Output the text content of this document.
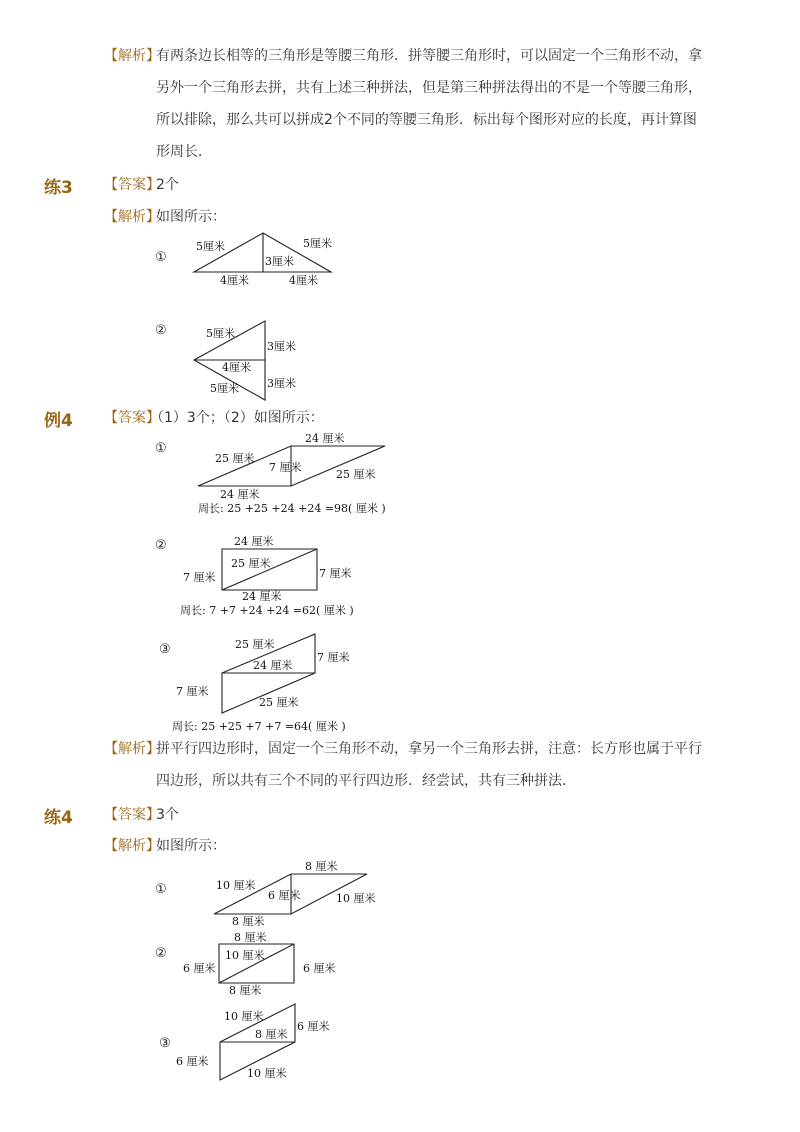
【解析】
有两条边长相等的三角形是等腰三角形．拼等腰三角形时，可以固定一个三角形不动，拿
另外一个三角形去拼，共有上述三种拼法，但是第三种拼法得出的不是一个等腰三角形，
所以排除，那么共可以拼成2个不同的等腰三角形．标出每个图形对应的长度，再计算图
形周长．
练3 【答案】
2个
【解析】
如图所示：
①
5厘米	5厘米
3厘米
4厘米	4厘米
②	5厘米
3厘米
4厘米
5厘米	3厘米
例4 【答案】
（1）3个；（2）如图所示：
①
24 厘米
25 厘米
7 厘米
25 厘米
24 厘米
周长: 25 +25 +24 +24 =98( 厘米 )
②	24 厘米
25 厘米
7 厘米	7 厘米
24 厘米
周长: 7 +7 +24 +24 =62( 厘米 )
③	25 厘米
24 厘米
7 厘米
7 厘米
25 厘米
周长: 25 +25 +7 +7 =64( 厘米 )
【解析】
拼平行四边形时，固定一个三角形不动，拿另一个三角形去拼，注意：长方形也属于平行
四边形，所以共有三个不同的平行四边形．经尝试，共有三种拼法．
练4 【答案】
3个
【解析】
如图所示：
①
8 厘米
10 厘米
6 厘米	10 厘米
8 厘米
②
8 厘米
10 厘米
6 厘米	6 厘米
8 厘米
③
10 厘米
8 厘米
6 厘米
6 厘米
10 厘米
